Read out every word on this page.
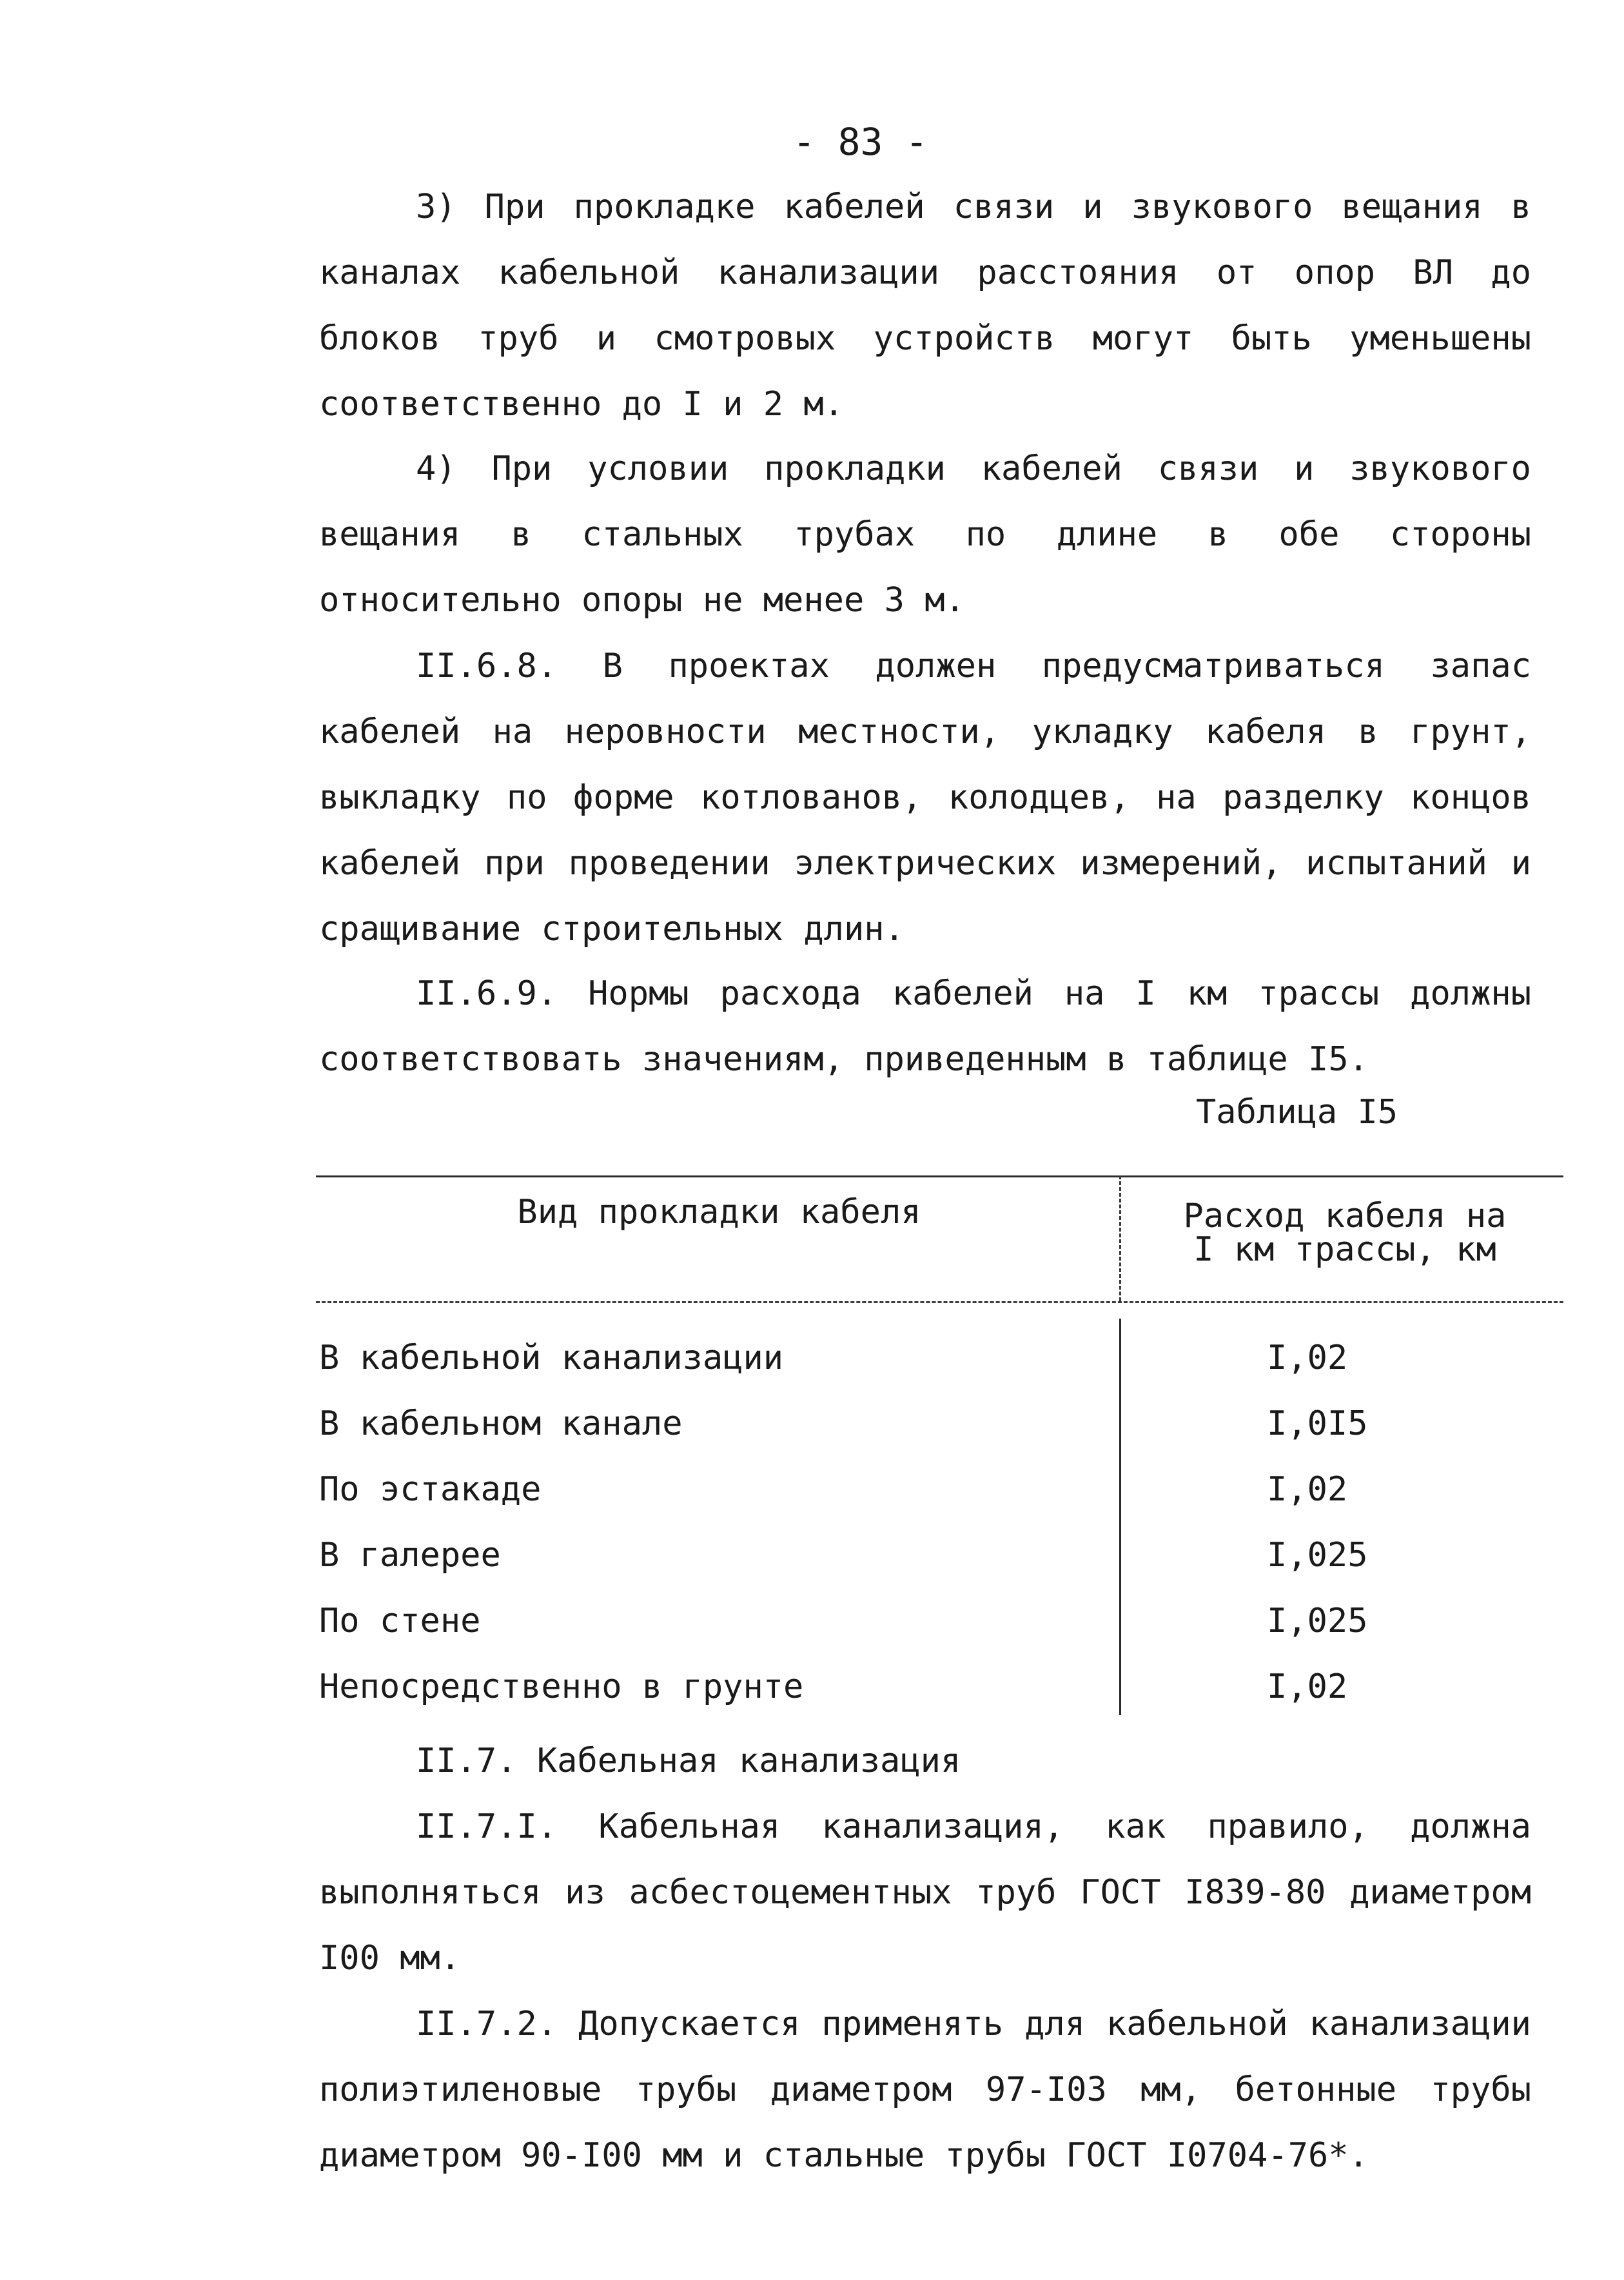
- 83 -

3) При прокладке кабелей связи и звукового вещания в каналах кабельной канализации расстояния от опор ВЛ до блоков труб и смотровых устройств могут быть уменьшены соответственно до I и 2 м.

4) При условии прокладки кабелей связи и звукового вещания в стальных трубах по длине в обе стороны относительно опоры не менее 3 м.

II.6.8. В проектах должен предусматриваться запас кабелей на неровности местности, укладку кабеля в грунт, выкладку по форме котлованов, колодцев, на разделку концов кабелей при проведении электрических измерений, испытаний и сращивание строительных длин.

II.6.9. Нормы расхода кабелей на I км трассы должны соответствовать значениям, приведенным в таблице I5.

Таблица I5
Вид прокладки кабеля	Расход кабеля на
I км трассы, км
В кабельной канализации	I,02
В кабельном канале	I,0I5
По эстакаде	I,02
В галерее	I,025
По стене	I,025
Непосредственно в грунте	I,02

II.7. Кабельная канализация

II.7.I. Кабельная канализация, как правило, должна выполняться из асбестоцементных труб ГОСТ I839-80 диаметром I00 мм.

II.7.2. Допускается применять для кабельной канализации полиэтиленовые трубы диаметром 97-I03 мм, бетонные трубы диаметром 90-I00 мм и стальные трубы ГОСТ I0704-76*.
